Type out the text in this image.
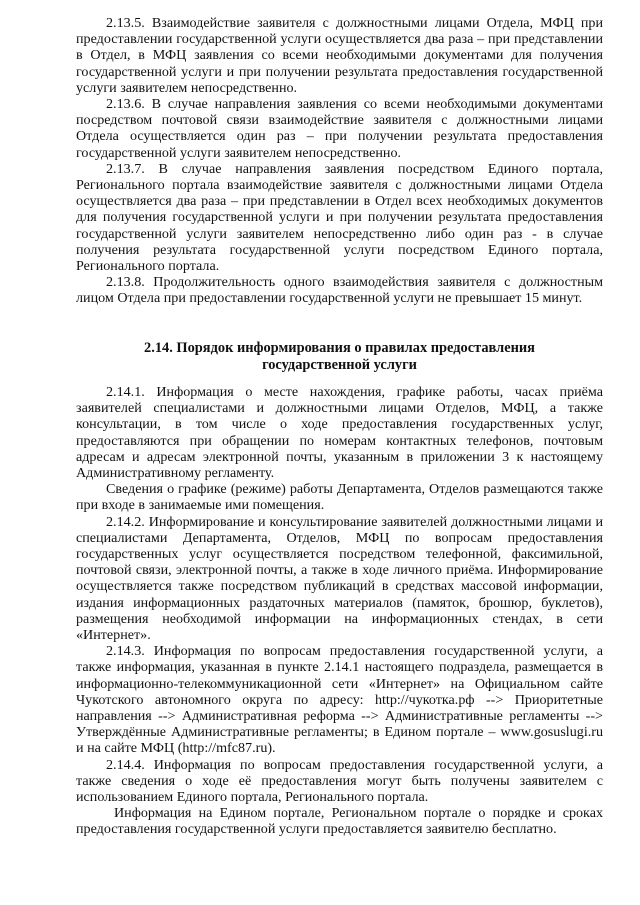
2.13.5. Взаимодействие заявителя с должностными лицами Отдела, МФЦ при предоставлении государственной услуги осуществляется два раза – при представлении в Отдел, в МФЦ заявления со всеми необходимыми документами для получения государственной услуги и при получении результата предоставления государственной услуги заявителем непосредственно.

2.13.6. В случае направления заявления со всеми необходимыми документами посредством почтовой связи взаимодействие заявителя с должностными лицами Отдела осуществляется один раз – при получении результата предоставления государственной услуги заявителем непосредственно.

2.13.7. В случае направления заявления посредством Единого портала, Регионального портала взаимодействие заявителя с должностными лицами Отдела осуществляется два раза – при представлении в Отдел всех необходимых документов для получения государственной услуги и при получении результата предоставления государственной услуги заявителем непосредственно либо один раз - в случае получения результата государственной услуги посредством Единого портала, Регионального портала.

2.13.8. Продолжительность одного взаимодействия заявителя с должностным лицом Отдела при предоставлении государственной услуги не превышает 15 минут.

2.14. Порядок информирования о правилах предоставления
государственной услуги

2.14.1. Информация о месте нахождения, графике работы, часах приёма заявителей специалистами и должностными лицами Отделов, МФЦ, а также консультации, в том числе о ходе предоставления государственных услуг, предоставляются при обращении по номерам контактных телефонов, почтовым адресам и адресам электронной почты, указанным в приложении 3 к настоящему Административному регламенту.

Сведения о графике (режиме) работы Департамента, Отделов размещаются также при входе в занимаемые ими помещения.

2.14.2. Информирование и консультирование заявителей должностными лицами и специалистами Департамента, Отделов, МФЦ по вопросам предоставления государственных услуг осуществляется посредством телефонной, факсимильной, почтовой связи, электронной почты, а также в ходе личного приёма. Информирование осуществляется также посредством публикаций в средствах массовой информации, издания информационных раздаточных материалов (памяток, брошюр, буклетов), размещения необходимой информации на информационных стендах, в сети «Интернет».

2.14.3. Информация по вопросам предоставления государственной услуги, а также информация, указанная в пункте 2.14.1 настоящего подраздела, размещается в информационно-телекоммуникационной сети «Интернет» на Официальном сайте Чукотского автономного округа по адресу: http://чукотка.рф --> Приоритетные направления --> Административная реформа --> Административные регламенты --> Утверждённые Административные регламенты; в Едином портале – www.gosuslugi.ru и на сайте МФЦ (http://mfc87.ru).

2.14.4. Информация по вопросам предоставления государственной услуги, а также сведения о ходе её предоставления могут быть получены заявителем с использованием Единого портала, Регионального портала.

Информация на Едином портале, Региональном портале о порядке и сроках предоставления государственной услуги предоставляется заявителю бесплатно.
